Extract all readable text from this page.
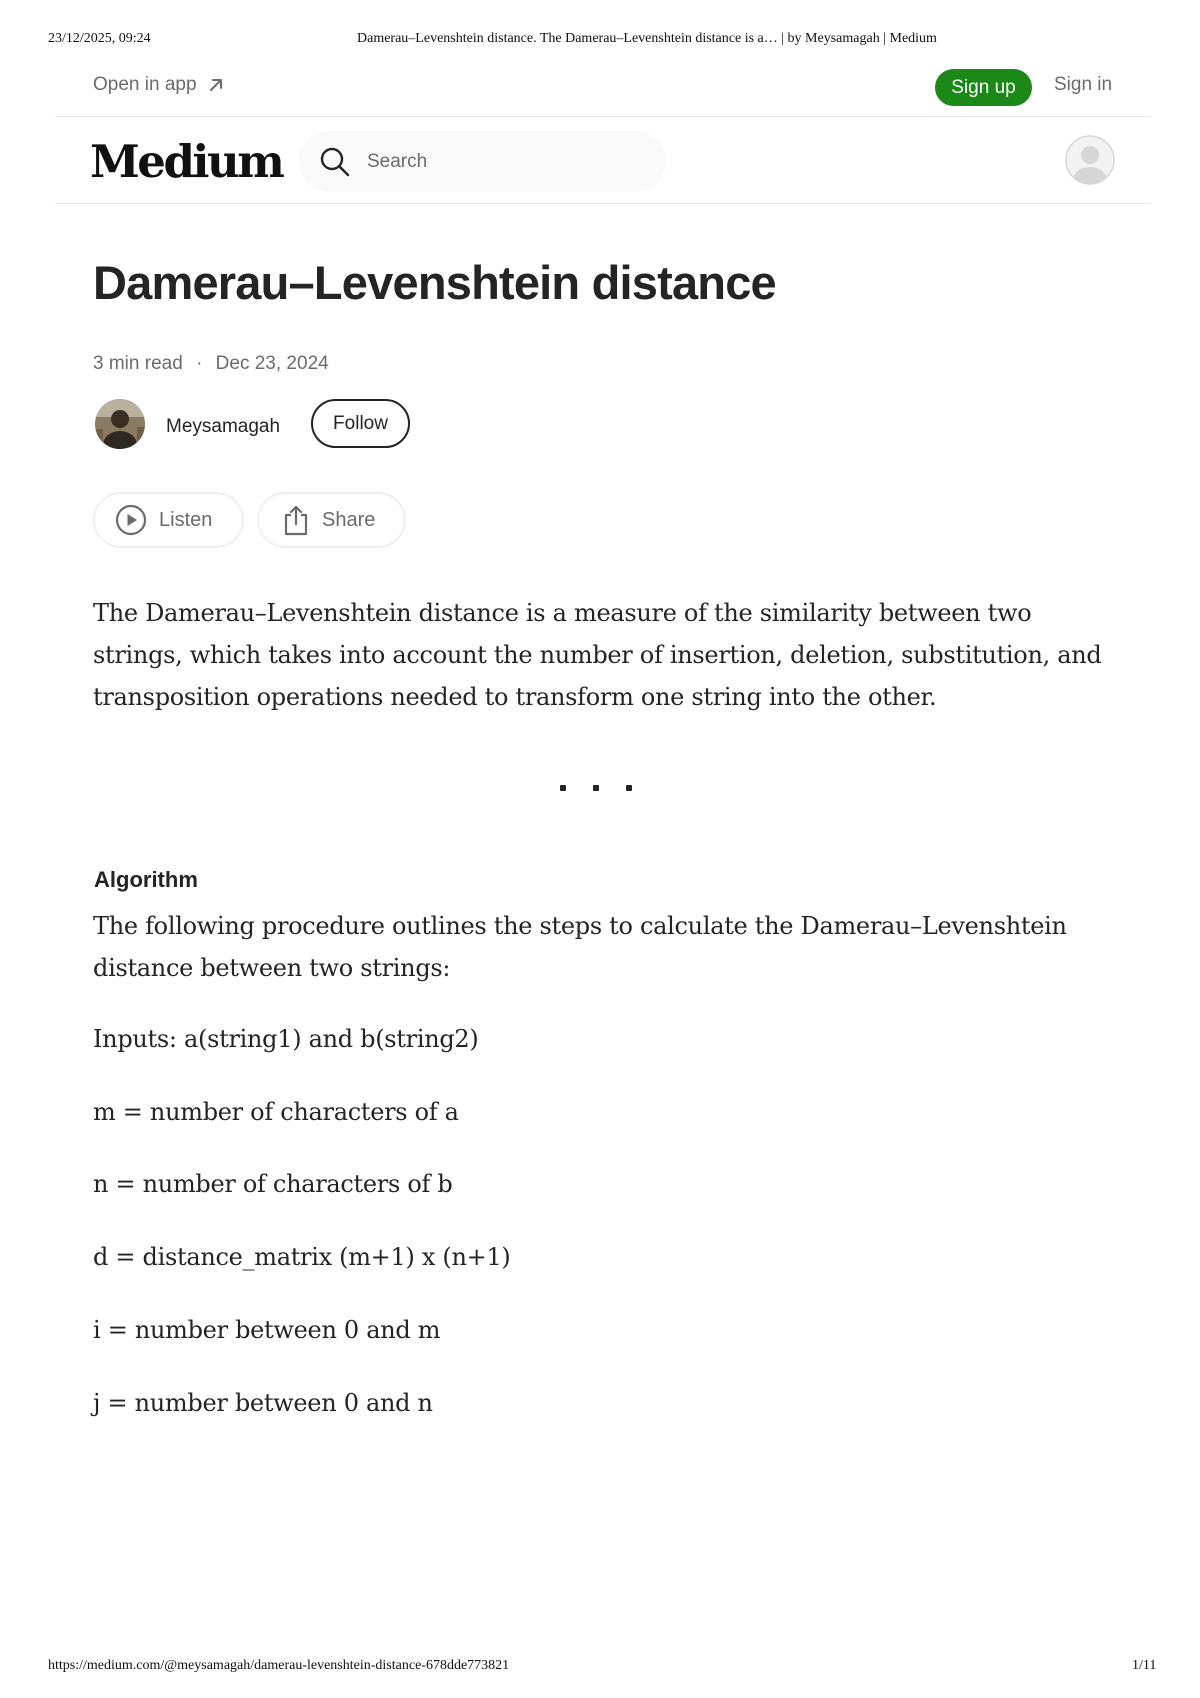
23/12/2025, 09:24	Damerau–Levenshtein distance. The Damerau–Levenshtein distance is a… | by Meysamagah | Medium
Open in app	Sign up	Sign in
Medium
Search
Damerau–Levenshtein distance
3 min read · Dec 23, 2024
Meysamagah	Follow
Listen	Share

The Damerau–Levenshtein distance is a measure of the similarity between two strings, which takes into account the number of insertion, deletion, substitution, and transposition operations needed to transform one string into the other.

Algorithm

The following procedure outlines the steps to calculate the Damerau–Levenshtein distance between two strings:

Inputs: a(string1) and b(string2)
m = number of characters of a
n = number of characters of b
d = distance_matrix (m+1) x (n+1)
i = number between 0 and m
j = number between 0 and n
https://medium.com/@meysamagah/damerau-levenshtein-distance-678dde773821	1/11
